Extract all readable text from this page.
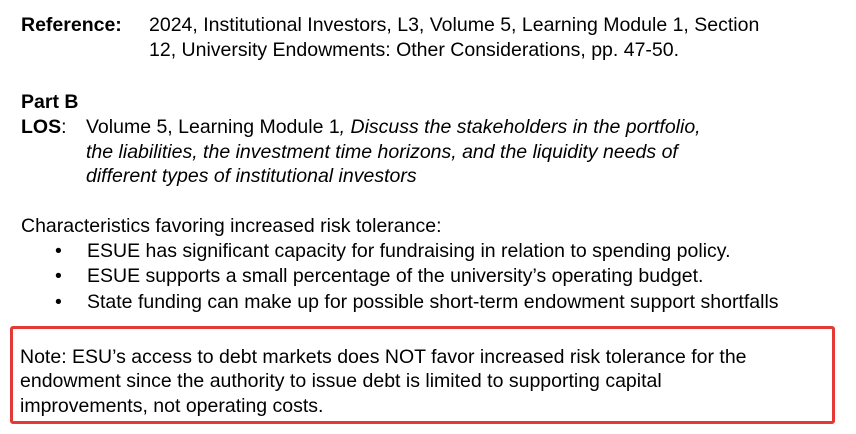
Reference: 2024, Institutional Investors, L3, Volume 5, Learning Module 1, Section
12, University Endowments: Other Considerations, pp. 47-50.
Part B
LOS: Volume 5, Learning Module 1, Discuss the stakeholders in the portfolio,
the liabilities, the investment time horizons, and the liquidity needs of
different types of institutional investors
Characteristics favoring increased risk tolerance:
•	ESUE has significant capacity for fundraising in relation to spending policy.
•	ESUE supports a small percentage of the university’s operating budget.
•	State funding can make up for possible short-term endowment support shortfalls
Note: ESU’s access to debt markets does NOT favor increased risk tolerance for the
endowment since the authority to issue debt is limited to supporting capital
improvements, not operating costs.
